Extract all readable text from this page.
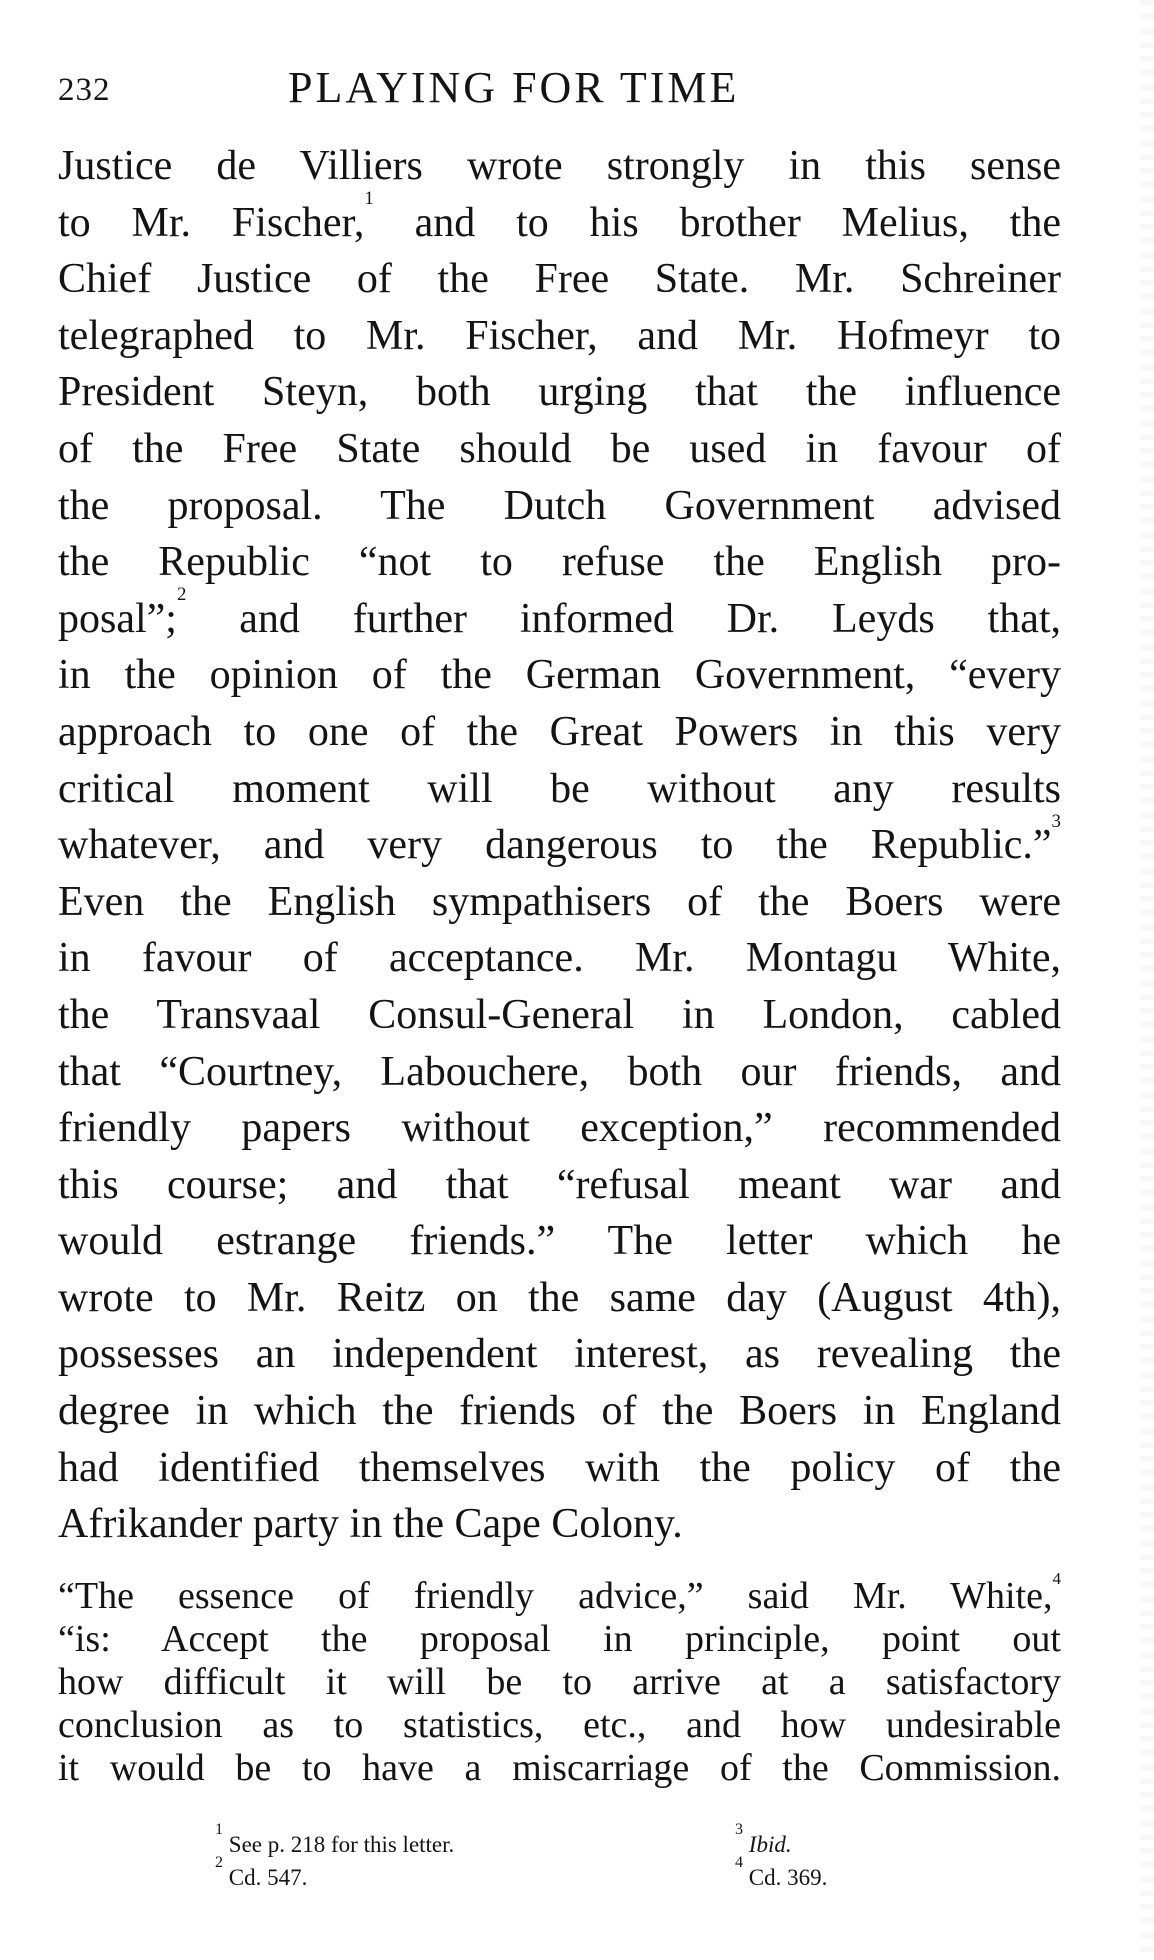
232	PLAYING FOR TIME
Justice de Villiers wrote strongly in this sense
to Mr. Fischer,$^1$ and to his brother Melius, the
Chief Justice of the Free State. Mr. Schreiner
telegraphed to Mr. Fischer, and Mr. Hofmeyr to
President Steyn, both urging that the influence
of the Free State should be used in favour of
the proposal. The Dutch Government advised
the Republic “not to refuse the English pro-
posal”;$^2$ and further informed Dr. Leyds that,
in the opinion of the German Government, “every
approach to one of the Great Powers in this very
critical moment will be without any results
whatever, and very dangerous to the Republic.”$^3$
Even the English sympathisers of the Boers were
in favour of acceptance. Mr. Montagu White,
the Transvaal Consul-General in London, cabled
that “Courtney, Labouchere, both our friends, and
friendly papers without exception,” recommended
this course; and that “refusal meant war and
would estrange friends.” The letter which he
wrote to Mr. Reitz on the same day (August 4th),
possesses an independent interest, as revealing the
degree in which the friends of the Boers in England
had identified themselves with the policy of the
Afrikander party in the Cape Colony.
“The essence of friendly advice,” said Mr. White,$^4$
“is: Accept the proposal in principle, point out
how difficult it will be to arrive at a satisfactory
conclusion as to statistics, etc., and how undesirable
it would be to have a miscarriage of the Commission.
$^1$ See p. 218 for this letter.
$^2$ Cd. 547.
$^3$ Ibid.
$^4$ Cd. 369.
